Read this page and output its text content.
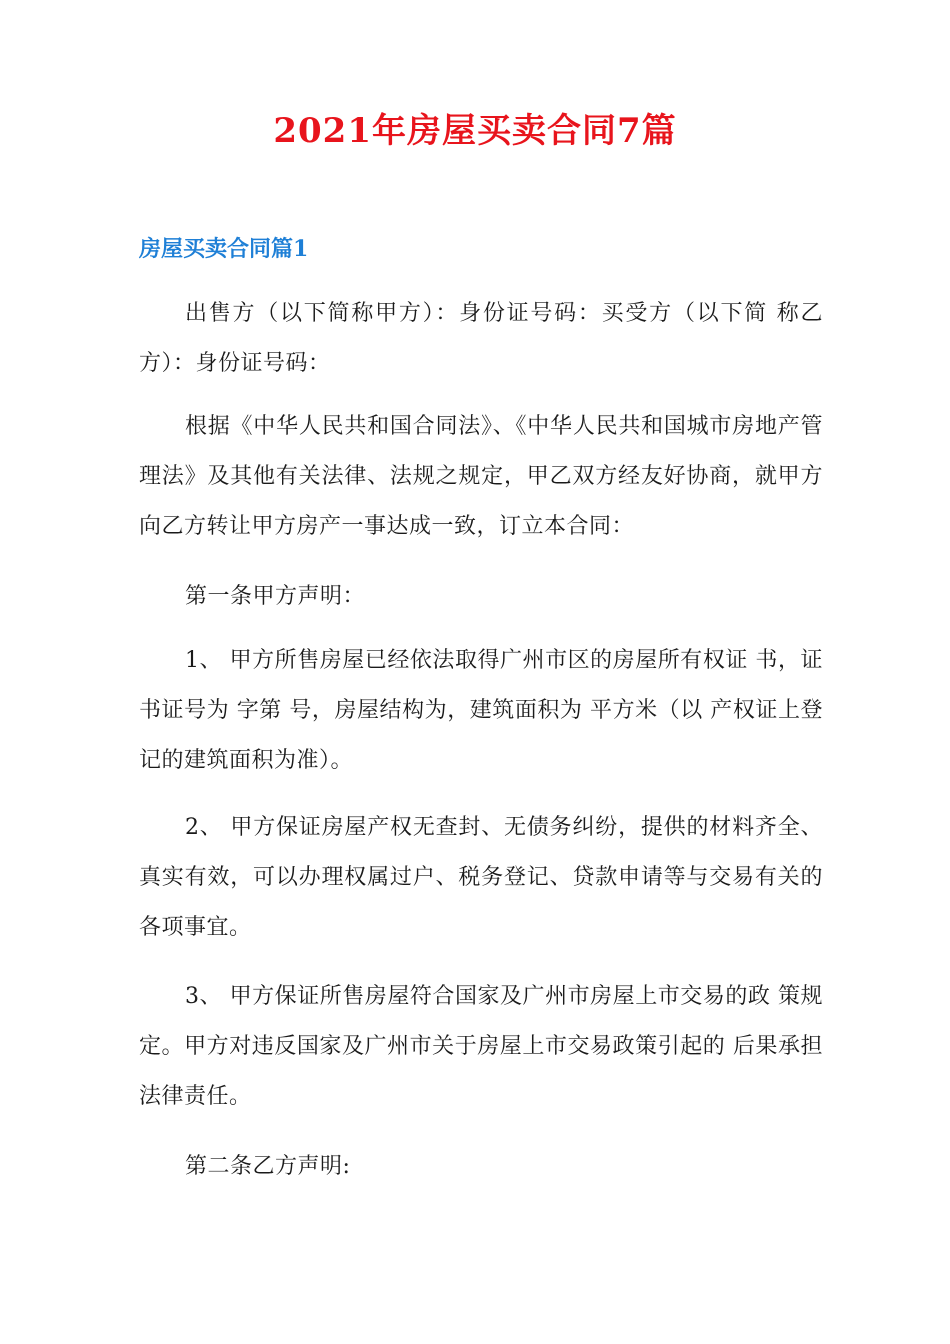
2021年房屋买卖合同7篇
房屋买卖合同篇1

出售方（以下简称甲方）：身份证号码：买受方（以下简 称乙方）：身份证号码：

根据《中华人民共和国合同法》、《中华人民共和国城市房地产管理法》及其他有关法律、法规之规定，甲乙双方经友好协商，就甲方向乙方转让甲方房产一事达成一致，订立本合同：

第一条甲方声明：

1、 甲方所售房屋已经依法取得广州市区的房屋所有权证 书，证书证号为 字第 号，房屋结构为，建筑面积为 平方米（以 产权证上登记的建筑面积为准）。

2、 甲方保证房屋产权无查封、无债务纠纷，提供的材料齐全、真实有效，可以办理权属过户、税务登记、贷款申请等与交易有关的各项事宜。

3、 甲方保证所售房屋符合国家及广州市房屋上市交易的政 策规定。甲方对违反国家及广州市关于房屋上市交易政策引起的 后果承担法律责任。

第二条乙方声明:
